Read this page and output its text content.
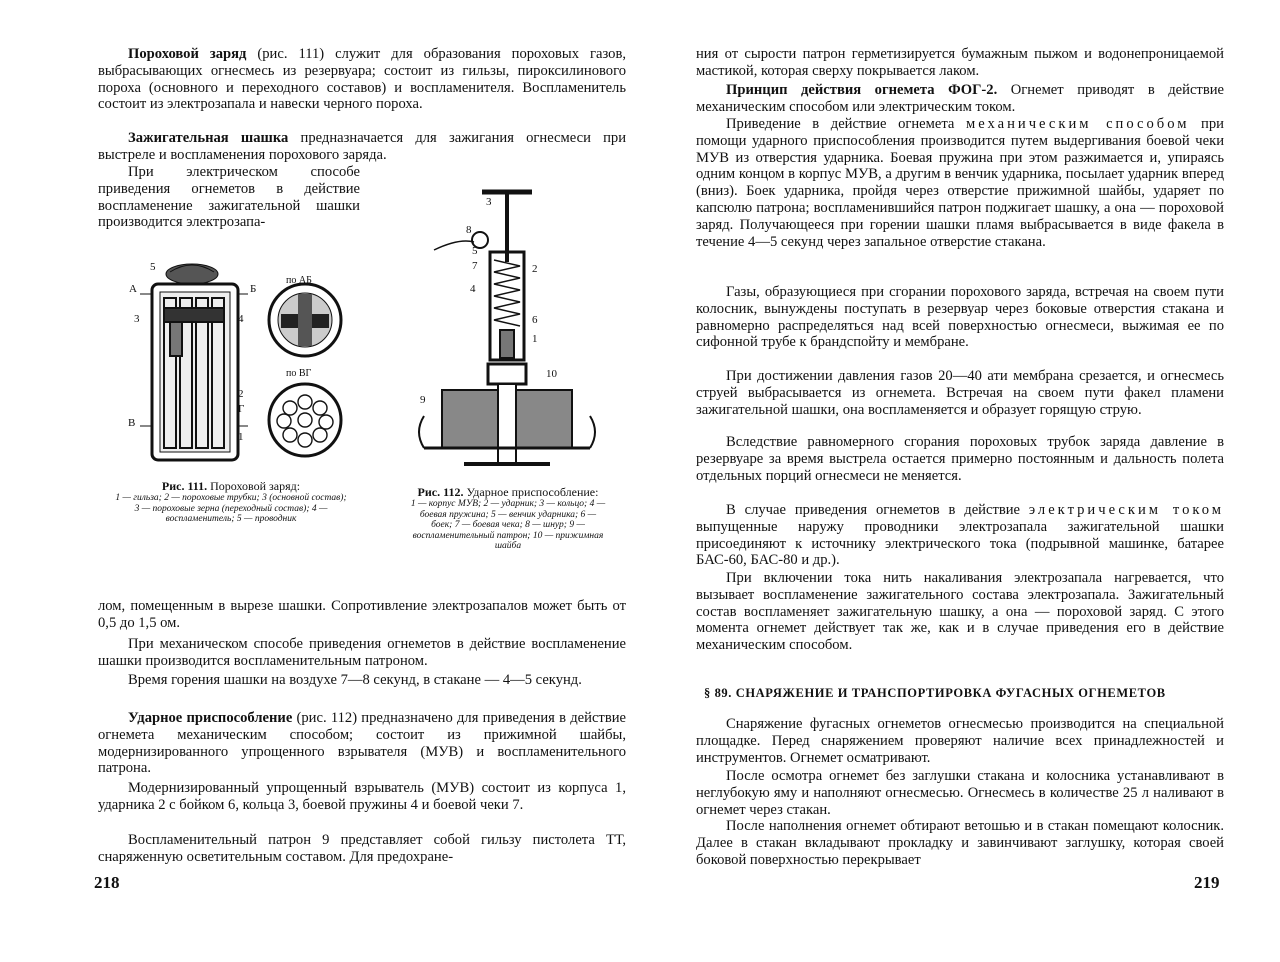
Пороховой заряд (рис. 111) служит для образования пороховых газов, выбрасывающих огнесмесь из резервуара; состоит из гильзы, пироксилинового пороха (основного и переходного составов) и воспламенителя. Воспламенитель состоит из электрозапала и навески черного пороха.

Зажигательная шашка предназначается для зажигания огнесмеси при выстреле и воспламенения порохового заряда.

При электрическом способе приведения огнеметов в действие воспламенение зажигательной шашки производится электрозапа-

5
А	Б
3	4
2
Г
В
1
по АБ
по ВГ
Рис. 111. Пороховой заряд:
1 — гильза; 2 — пороховые трубки; 3 (основной состав); 3 — пороховые зерна (переходный состав); 4 — воспламенитель; 5 — проводник
3
8
5
7	2
4
6
1
10
9
Рис. 112. Ударное приспособление:
1 — корпус МУВ; 2 — ударник; 3 — кольцо; 4 — боевая пружина; 5 — венчик ударника; 6 — боек; 7 — боевая чека; 8 — шнур; 9 — воспламенительный патрон; 10 — прижимная шайба

лом, помещенным в вырезе шашки. Сопротивление электрозапалов может быть от 0,5 до 1,5 ом.

При механическом способе приведения огнеметов в действие воспламенение шашки производится воспламенительным патроном.

Время горения шашки на воздухе 7—8 секунд, в стакане — 4—5 секунд.

Ударное приспособление (рис. 112) предназначено для приведения в действие огнемета механическим способом; состоит из прижимной шайбы, модернизированного упрощенного взрывателя (МУВ) и воспламенительного патрона.

Модернизированный упрощенный взрыватель (МУВ) состоит из корпуса 1, ударника 2 с бойком 6, кольца 3, боевой пружины 4 и боевой чеки 7.

Воспламенительный патрон 9 представляет собой гильзу пистолета ТТ, снаряженную осветительным составом. Для предохране-

218

ния от сырости патрон герметизируется бумажным пыжом и водонепроницаемой мастикой, которая сверху покрывается лаком.

Принцип действия огнемета ФОГ-2. Огнемет приводят в действие механическим способом или электрическим током.

Приведение в действие огнемета механическим способом при помощи ударного приспособления производится путем выдергивания боевой чеки МУВ из отверстия ударника. Боевая пружина при этом разжимается и, упираясь одним концом в корпус МУВ, а другим в венчик ударника, посылает ударник вперед (вниз). Боек ударника, пройдя через отверстие прижимной шайбы, ударяет по капсюлю патрона; воспламенившийся патрон поджигает шашку, а она — пороховой заряд. Получающееся при горении шашки пламя выбрасывается в виде факела в течение 4—5 секунд через запальное отверстие стакана.

Газы, образующиеся при сгорании порохового заряда, встречая на своем пути колосник, вынуждены поступать в резервуар через боковые отверстия стакана и равномерно распределяться над всей поверхностью огнесмеси, выжимая ее по сифонной трубе к брандспойту и мембране.

При достижении давления газов 20—40 ати мембрана срезается, и огнесмесь струей выбрасывается из огнемета. Встречая на своем пути факел пламени зажигательной шашки, она воспламеняется и образует горящую струю.

Вследствие равномерного сгорания пороховых трубок заряда давление в резервуаре за время выстрела остается примерно постоянным и дальность полета отдельных порций огнесмеси не меняется.

В случае приведения огнеметов в действие электрическим током выпущенные наружу проводники электрозапала зажигательной шашки присоединяют к источнику электрического тока (подрывной машинке, батарее БАС-60, БАС-80 и др.).

При включении тока нить накаливания электрозапала нагревается, что вызывает воспламенение зажигательного состава электрозапала. Зажигательный состав воспламеняет зажигательную шашку, а она — пороховой заряд. С этого момента огнемет действует так же, как и в случае приведения его в действие механическим способом.

§ 89. СНАРЯЖЕНИЕ И ТРАНСПОРТИРОВКА ФУГАСНЫХ ОГНЕМЕТОВ

Снаряжение фугасных огнеметов огнесмесью производится на специальной площадке. Перед снаряжением проверяют наличие всех принадлежностей и инструментов. Огнемет осматривают.

После осмотра огнемет без заглушки стакана и колосника устанавливают в неглубокую яму и наполняют огнесмесью. Огнесмесь в количестве 25 л наливают в огнемет через стакан.

После наполнения огнемет обтирают ветошью и в стакан помещают колосник. Далее в стакан вкладывают прокладку и завинчивают заглушку, которая своей боковой поверхностью перекрывает

219
